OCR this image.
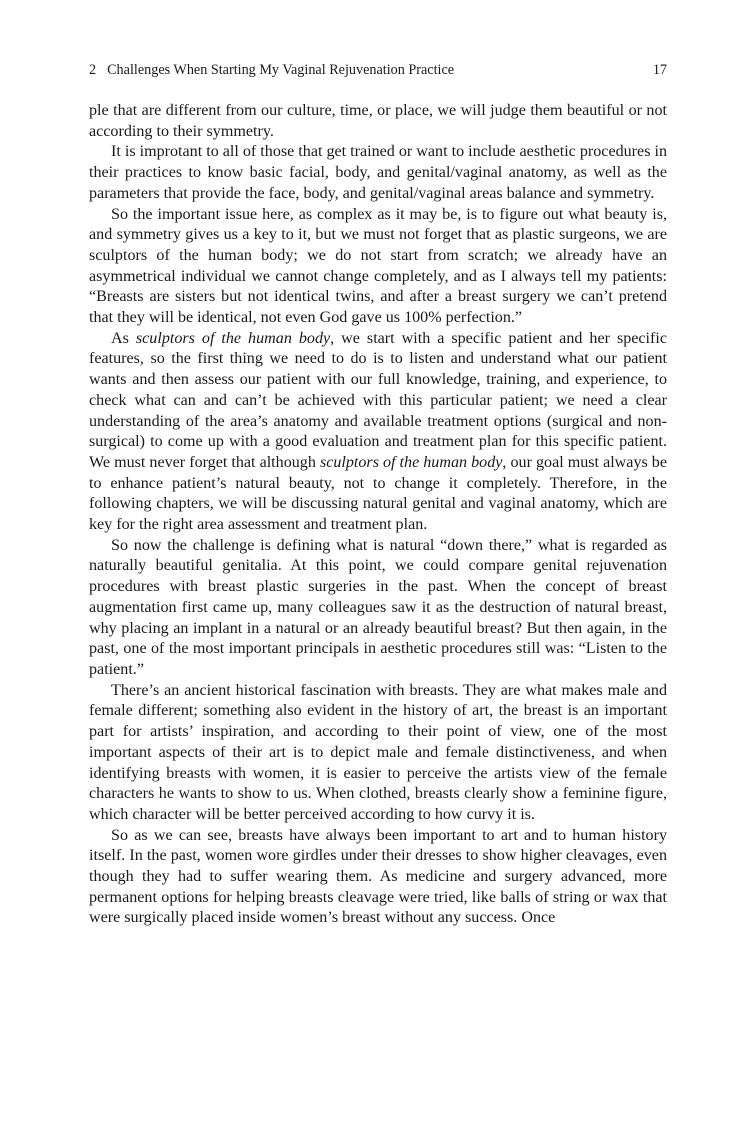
2 Challenges When Starting My Vaginal Rejuvenation Practice	17

ple that are different from our culture, time, or place, we will judge them beautiful or not according to their symmetry.

It is improtant to all of those that get trained or want to include aesthetic procedures in their practices to know basic facial, body, and genital/vaginal anatomy, as well as the parameters that provide the face, body, and genital/vaginal areas balance and symmetry.

So the important issue here, as complex as it may be, is to figure out what beauty is, and symmetry gives us a key to it, but we must not forget that as plastic surgeons, we are sculptors of the human body; we do not start from scratch; we already have an asymmetrical individual we cannot change completely, and as I always tell my patients: “Breasts are sisters but not identical twins, and after a breast surgery we can’t pretend that they will be identical, not even God gave us 100% perfection.”

As sculptors of the human body, we start with a specific patient and her specific features, so the first thing we need to do is to listen and understand what our patient wants and then assess our patient with our full knowledge, training, and experience, to check what can and can’t be achieved with this particular patient; we need a clear understanding of the area’s anatomy and available treatment options (surgical and non-surgical) to come up with a good evaluation and treatment plan for this specific patient. We must never forget that although sculptors of the human body, our goal must always be to enhance patient’s natural beauty, not to change it completely. Therefore, in the following chapters, we will be discussing natural genital and vaginal anatomy, which are key for the right area assessment and treatment plan.

So now the challenge is defining what is natural “down there,” what is regarded as naturally beautiful genitalia. At this point, we could compare genital rejuvenation procedures with breast plastic surgeries in the past. When the concept of breast augmentation first came up, many colleagues saw it as the destruction of natural breast, why placing an implant in a natural or an already beautiful breast? But then again, in the past, one of the most important principals in aesthetic procedures still was: “Listen to the patient.”

There’s an ancient historical fascination with breasts. They are what makes male and female different; something also evident in the history of art, the breast is an important part for artists’ inspiration, and according to their point of view, one of the most important aspects of their art is to depict male and female distinctiveness, and when identifying breasts with women, it is easier to perceive the artists view of the female characters he wants to show to us. When clothed, breasts clearly show a feminine figure, which character will be better perceived according to how curvy it is.

So as we can see, breasts have always been important to art and to human history itself. In the past, women wore girdles under their dresses to show higher cleavages, even though they had to suffer wearing them. As medicine and surgery advanced, more permanent options for helping breasts cleavage were tried, like balls of string or wax that were surgically placed inside women’s breast without any success. Once
